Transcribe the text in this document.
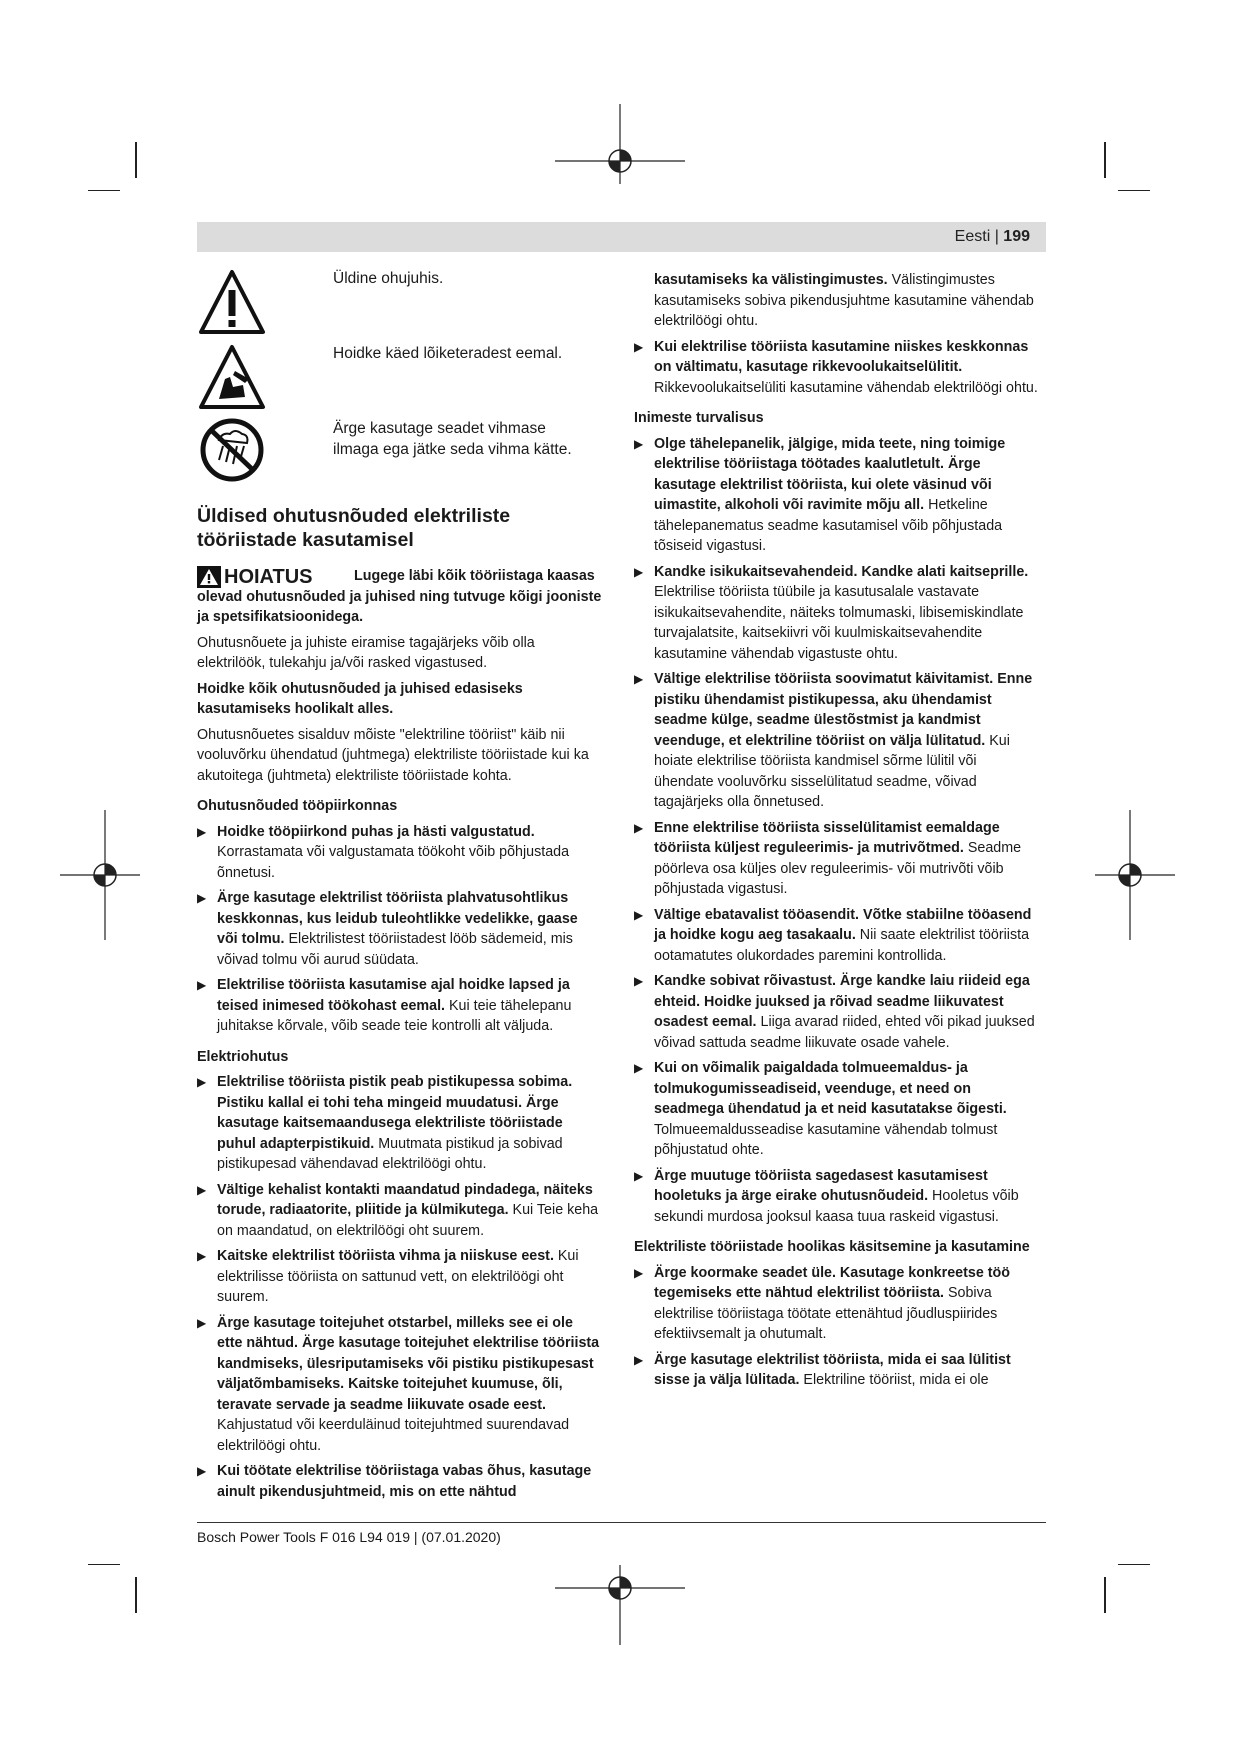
Eesti | 199
Üldine ohujuhis.
Hoidke käed lõiketeradest eemal.
Ärge kasutage seadet vihmase ilmaga ega jätke seda vihma kätte.
Üldised ohutusnõuded elektriliste tööriistade kasutamisel
HOIATUS	Lugege läbi kõik tööriistaga kaasas olevad ohutusnõuded ja juhised ning tutvuge kõigi jooniste ja spetsifikatsioonidega.

Ohutusnõuete ja juhiste eiramise tagajärjeks võib olla elektrilöök, tulekahju ja/või rasked vigastused.

Hoidke kõik ohutusnõuded ja juhised edasiseks kasutamiseks hoolikalt alles.

Ohutusnõuetes sisalduv mõiste "elektriline tööriist" käib nii vooluvõrku ühendatud (juhtmega) elektriliste tööriistade kui ka akutoitega (juhtmeta) elektriliste tööriistade kohta.

Ohutusnõuded tööpiirkonnas

▶ Hoidke tööpiirkond puhas ja hästi valgustatud. Korrastamata või valgustamata töökoht võib põhjustada õnnetusi.

▶ Ärge kasutage elektrilist tööriista plahvatusohtlikus keskkonnas, kus leidub tuleohtlikke vedelikke, gaase või tolmu. Elektrilistest tööriistadest lööb sädemeid, mis võivad tolmu või aurud süüdata.

▶ Elektrilise tööriista kasutamise ajal hoidke lapsed ja teised inimesed töökohast eemal. Kui teie tähelepanu juhitakse kõrvale, võib seade teie kontrolli alt väljuda.

Elektriohutus

▶ Elektrilise tööriista pistik peab pistikupessa sobima. Pistiku kallal ei tohi teha mingeid muudatusi. Ärge kasutage kaitsemaandusega elektriliste tööriistade puhul adapterpistikuid. Muutmata pistikud ja sobivad pistikupesad vähendavad elektrilöögi ohtu.

▶ Vältige kehalist kontakti maandatud pindadega, näiteks torude, radiaatorite, pliitide ja külmikutega. Kui Teie keha on maandatud, on elektrilöögi oht suurem.

▶ Kaitske elektrilist tööriista vihma ja niiskuse eest. Kui elektrilisse tööriista on sattunud vett, on elektrilöögi oht suurem.

▶ Ärge kasutage toitejuhet otstarbel, milleks see ei ole ette nähtud. Ärge kasutage toitejuhet elektrilise tööriista kandmiseks, ülesriputamiseks või pistiku pistikupesast väljatõmbamiseks. Kaitske toitejuhet kuumuse, õli, teravate servade ja seadme liikuvate osade eest. Kahjustatud või keerduläinud toitejuhtmed suurendavad elektrilöögi ohtu.

▶ Kui töötate elektrilise tööriistaga vabas õhus, kasutage ainult pikendusjuhtmeid, mis on ette nähtud

kasutamiseks ka välistingimustes. Välistingimustes kasutamiseks sobiva pikendusjuhtme kasutamine vähendab elektrilöögi ohtu.

▶ Kui elektrilise tööriista kasutamine niiskes keskkonnas on vältimatu, kasutage rikkevoolukaitselülitit. Rikkevoolukaitselüliti kasutamine vähendab elektrilöögi ohtu.

Inimeste turvalisus

▶ Olge tähelepanelik, jälgige, mida teete, ning toimige elektrilise tööriistaga töötades kaalutletult. Ärge kasutage elektrilist tööriista, kui olete väsinud või uimastite, alkoholi või ravimite mõju all. Hetkeline tähelepanematus seadme kasutamisel võib põhjustada tõsiseid vigastusi.

▶ Kandke isikukaitsevahendeid. Kandke alati kaitseprille. Elektrilise tööriista tüübile ja kasutusalale vastavate isikukaitsevahendite, näiteks tolmumaski, libisemiskindlate turvajalatsite, kaitsekiivri või kuulmiskaitsevahendite kasutamine vähendab vigastuste ohtu.

▶ Vältige elektrilise tööriista soovimatut käivitamist. Enne pistiku ühendamist pistikupessa, aku ühendamist seadme külge, seadme ülestõstmist ja kandmist veenduge, et elektriline tööriist on välja lülitatud. Kui hoiate elektrilise tööriista kandmisel sõrme lülitil või ühendate vooluvõrku sisselülitatud seadme, võivad tagajärjeks olla õnnetused.

▶ Enne elektrilise tööriista sisselülitamist eemaldage tööriista küljest reguleerimis- ja mutrivõtmed. Seadme pöörleva osa küljes olev reguleerimis- või mutrivõti võib põhjustada vigastusi.

▶ Vältige ebatavalist tööasendit. Võtke stabiilne tööasend ja hoidke kogu aeg tasakaalu. Nii saate elektrilist tööriista ootamatutes olukordades paremini kontrollida.

▶ Kandke sobivat rõivastust. Ärge kandke laiu riideid ega ehteid. Hoidke juuksed ja rõivad seadme liikuvatest osadest eemal. Liiga avarad riided, ehted või pikad juuksed võivad sattuda seadme liikuvate osade vahele.

▶ Kui on võimalik paigaldada tolmueemaldus- ja tolmukogumisseadiseid, veenduge, et need on seadmega ühendatud ja et neid kasutatakse õigesti. Tolmueemaldusseadise kasutamine vähendab tolmust põhjustatud ohte.

▶ Ärge muutuge tööriista sagedasest kasutamisest hooletuks ja ärge eirake ohutusnõudeid. Hooletus võib sekundi murdosa jooksul kaasa tuua raskeid vigastusi.

Elektriliste tööriistade hoolikas käsitsemine ja kasutamine

▶ Ärge koormake seadet üle. Kasutage konkreetse töö tegemiseks ette nähtud elektrilist tööriista. Sobiva elektrilise tööriistaga töötate ettenähtud jõudluspiirides efektiivsemalt ja ohutumalt.

▶ Ärge kasutage elektrilist tööriista, mida ei saa lülitist sisse ja välja lülitada. Elektriline tööriist, mida ei ole

Bosch Power Tools F 016 L94 019 | (07.01.2020)
